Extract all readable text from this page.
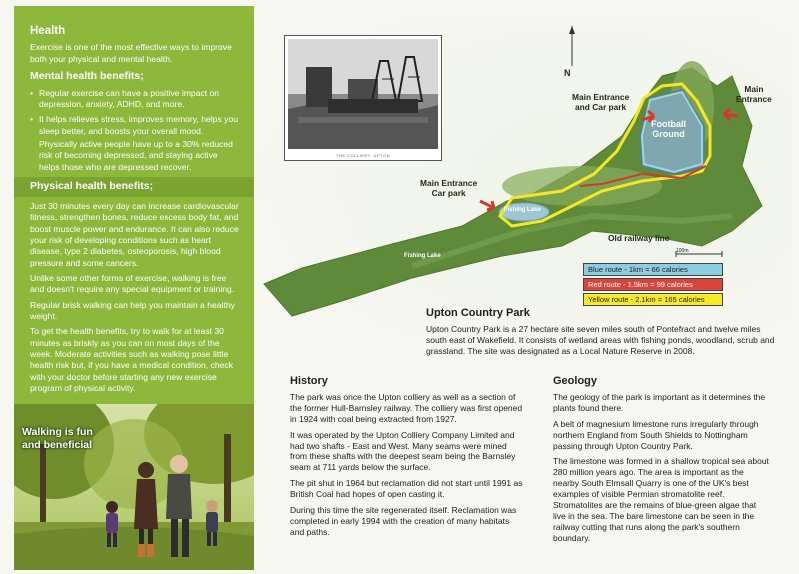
Health

Exercise is one of the most effective ways to improve both your physical and mental health.

Mental health benefits;
• Regular exercise can have a positive impact on depression, anxiety, ADHD, and more.
• It helps relieves stress, improves memory, helps you sleep better, and boosts your overall mood.

Physically active people have up to a 30% reduced risk of becoming depressed, and staying active helps those who are depressed recover.

Physical health benefits;

Just 30 minutes every day can increase cardiovascular fitness, strengthen bones, reduce excess body fat, and boost muscle power and endurance. It can also reduce your risk of developing conditions such as heart disease, type 2 diabetes, osteoporosis, high blood pressure and some cancers.

Unlike some other forms of exercise, walking is free and doesn't require any special equipment or training.

Regular brisk walking can help you maintain a healthy weight.

To get the health benefits, try to walk for at least 30 minutes as briskly as you can on most days of the week. Moderate activities such as walking pose little health risk but, if you have a medical condition, check with your doctor before starting any new exercise program of physical activity.

Walking is fun
and beneficial
N
Main Entrance
and Car park
Main
Entrance
Football
Ground
Main Entrance
Car park
Fishing Lake
Fishing Lake
Old railway line
100m
Blue route - 1km = 66 calories
Red route - 1.5km = 99 calories
Yellow route - 2.1km = 165 calories
THE COLLIERY, UPTON
Upton Country Park

Upton Country Park is a 27 hectare site seven miles south of Pontefract and twelve miles south east of Wakefield. It consists of wetland areas with fishing ponds, woodland, scrub and grassland. The site was designated as a Local Nature Reserve in 2008.

History

The park was once the Upton colliery as well as a section of the former Hull-Barnsley railway. The colliery was first opened in 1924 with coal being extracted from 1927.

It was operated by the Upton Colliery Company Limited and had two shafts - East and West. Many seams were mined from these shafts with the deepest seam being the Barnsley seam at 711 yards below the surface.

The pit shut in 1964 but reclamation did not start until 1991 as British Coal had hopes of open casting it.

During this time the site regenerated itself. Reclamation was completed in early 1994 with the creation of many habitats and paths.

Geology

The geology of the park is important as it determines the plants found there.

A belt of magnesium limestone runs irregularly through northern England from South Shields to Nottingham passing through Upton Country Park.

The limestone was formed in a shallow tropical sea about 280 million years ago. The area is important as the nearby South Elmsall Quarry is one of the UK's best examples of visible Permian stromatolite reef. Stromatolites are the remains of blue-green algae that live in the sea. The bare limestone can be seen in the railway cutting that runs along the park's southern boundary.
